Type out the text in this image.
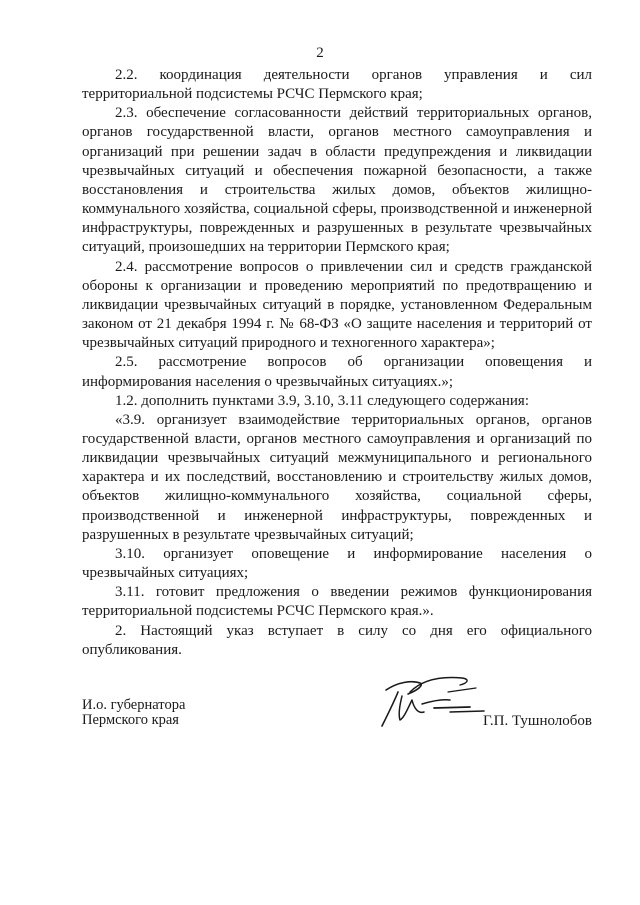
2

2.2. координация деятельности органов управления и сил территориальной подсистемы РСЧС Пермского края;

2.3. обеспечение согласованности действий территориальных органов, органов государственной власти, органов местного самоуправления и организаций при решении задач в области предупреждения и ликвидации чрезвычайных ситуаций и обеспечения пожарной безопасности, а также восстановления и строительства жилых домов, объектов жилищно-коммунального хозяйства, социальной сферы, производственной и инженерной инфраструктуры, поврежденных и разрушенных в результате чрезвычайных ситуаций, произошедших на территории Пермского края;

2.4. рассмотрение вопросов о привлечении сил и средств гражданской обороны к организации и проведению мероприятий по предотвращению и ликвидации чрезвычайных ситуаций в порядке, установленном Федеральным законом от 21 декабря 1994 г. № 68-ФЗ «О защите населения и территорий от чрезвычайных ситуаций природного и техногенного характера»;

2.5. рассмотрение вопросов об организации оповещения и информирования населения о чрезвычайных ситуациях.»;

1.2. дополнить пунктами 3.9, 3.10, 3.11 следующего содержания:

«3.9. организует взаимодействие территориальных органов, органов государственной власти, органов местного самоуправления и организаций по ликвидации чрезвычайных ситуаций межмуниципального и регионального характера и их последствий, восстановлению и строительству жилых домов, объектов жилищно-коммунального хозяйства, социальной сферы, производственной и инженерной инфраструктуры, поврежденных и разрушенных в результате чрезвычайных ситуаций;

3.10. организует оповещение и информирование населения о чрезвычайных ситуациях;

3.11. готовит предложения о введении режимов функционирования территориальной подсистемы РСЧС Пермского края.».

2. Настоящий указ вступает в силу со дня его официального опубликования.

И.о. губернатора
Пермского края	Г.П. Тушнолобов
